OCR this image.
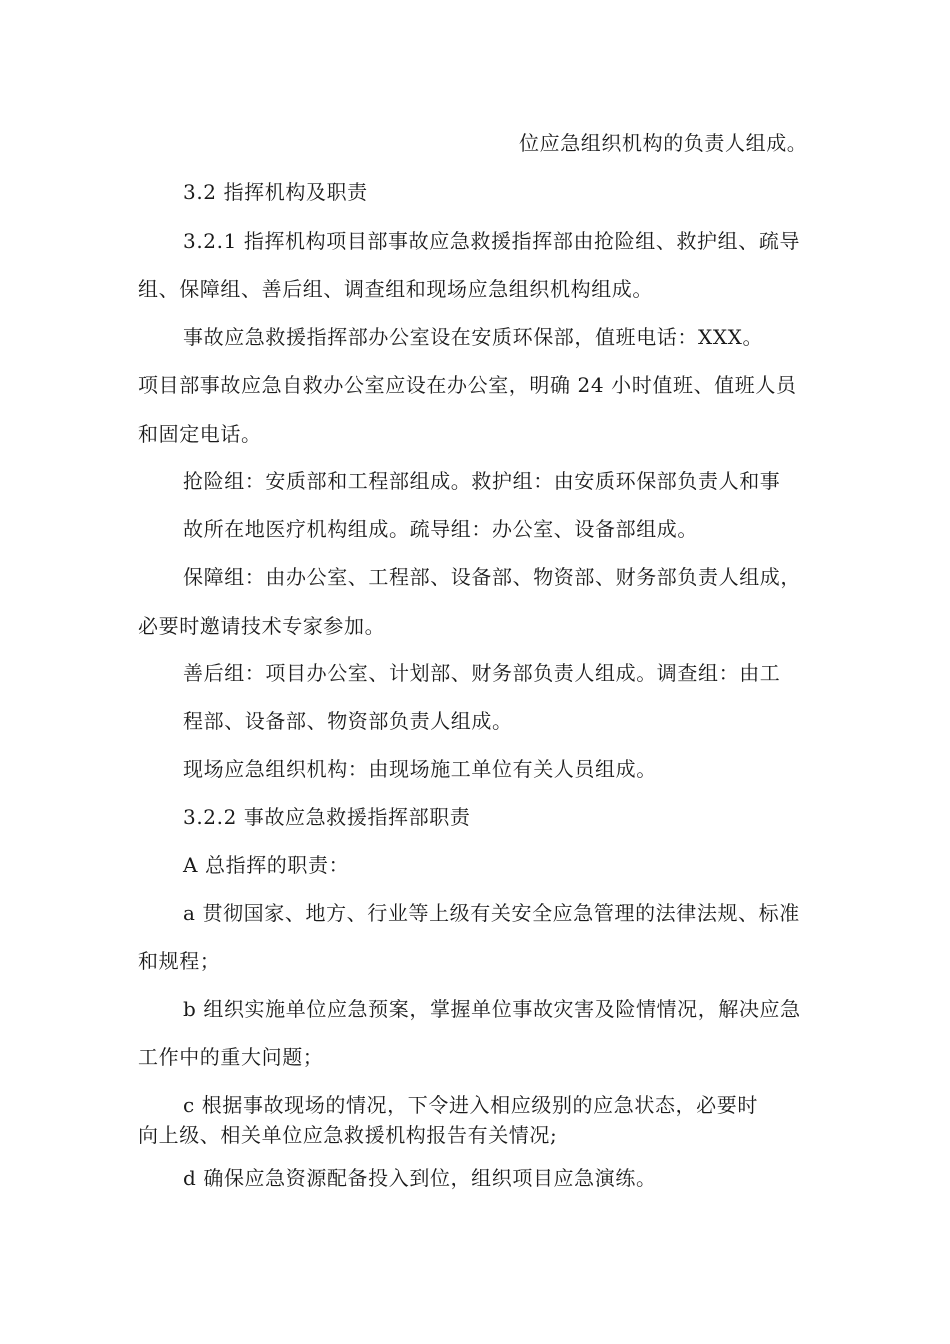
位应急组织机构的负责人组成。
3.2 指挥机构及职责
3.2.1 指挥机构项目部事故应急救援指挥部由抢险组、救护组、疏导
组、保障组、善后组、调查组和现场应急组织机构组成。
事故应急救援指挥部办公室设在安质环保部，值班电话：XXX。
项目部事故应急自救办公室应设在办公室，明确 24 小时值班、值班人员
和固定电话。
抢险组：安质部和工程部组成。救护组：由安质环保部负责人和事
故所在地医疗机构组成。疏导组：办公室、设备部组成。
保障组：由办公室、工程部、设备部、物资部、财务部负责人组成，
必要时邀请技术专家参加。
善后组：项目办公室、计划部、财务部负责人组成。调查组：由工
程部、设备部、物资部负责人组成。
现场应急组织机构：由现场施工单位有关人员组成。
3.2.2 事故应急救援指挥部职责
A 总指挥的职责：
a 贯彻国家、地方、行业等上级有关安全应急管理的法律法规、标准
和规程；
b 组织实施单位应急预案，掌握单位事故灾害及险情情况，解决应急
工作中的重大问题；
c 根据事故现场的情况，下令进入相应级别的应急状态，必要时
向上级、相关单位应急救援机构报告有关情况;
d 确保应急资源配备投入到位，组织项目应急演练。
